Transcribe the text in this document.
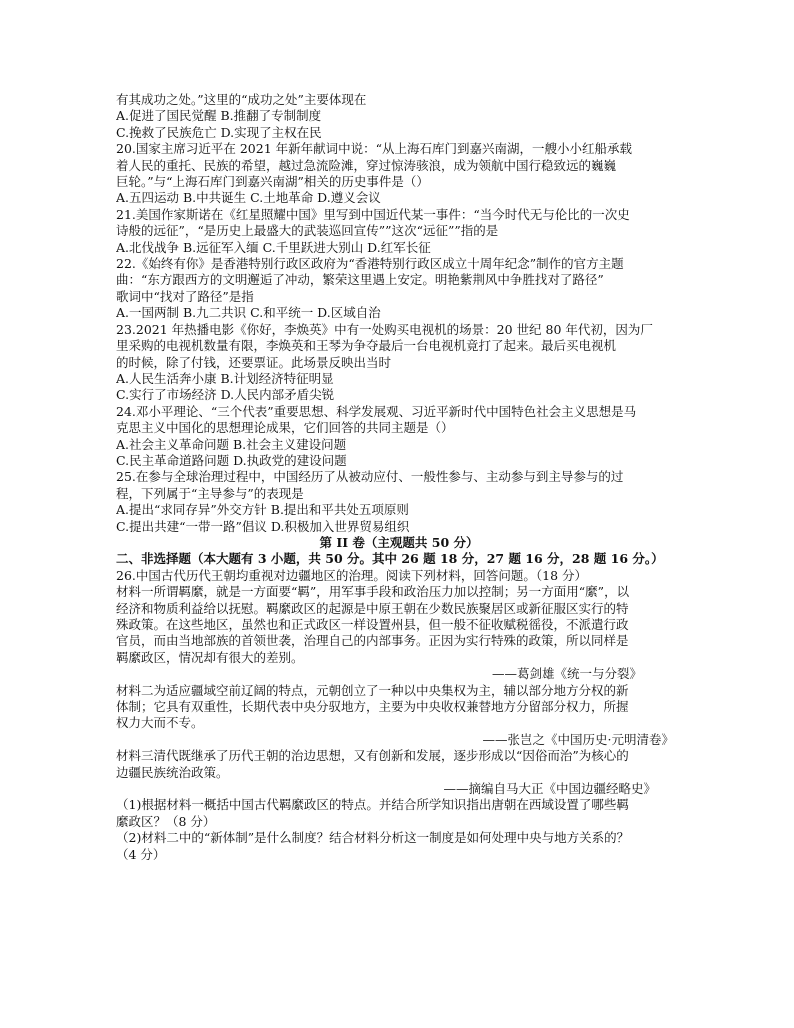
有其成功之处。”这里的“成功之处”主要体现在
A.促进了国民觉醒 B.推翻了专制制度
C.挽救了民族危亡 D.实现了主权在民
20.国家主席习近平在 2021 年新年献词中说：“从上海石库门到嘉兴南湖，一艘小小红船承载
着人民的重托、民族的希望，越过急流险滩，穿过惊涛骇浪，成为领航中国行稳致远的巍巍
巨轮。”与“上海石库门到嘉兴南湖”相关的历史事件是（）
A.五四运动 B.中共诞生 C.土地革命 D.遵义会议
21.美国作家斯诺在《红星照耀中国》里写到中国近代某一事件：“当今时代无与伦比的一次史
诗般的远征”，“是历史上最盛大的武装巡回宣传””这次“远征””指的是
A.北伐战争 B.远征军入缅 C.千里跃进大别山 D.红军长征
22.《始终有你》是香港特别行政区政府为“香港特别行政区成立十周年纪念”制作的官方主题
曲：“东方跟西方的文明邂逅了冲动，繁荣这里遇上安定。明艳紫荆风中争胜找对了路径”
歌词中“找对了路径”是指
A.一国两制 B.九二共识 C.和平统一 D.区域自治
23.2021 年热播电影《你好，李焕英》中有一处购买电视机的场景：20 世纪 80 年代初，因为厂
里采购的电视机数量有限，李焕英和王琴为争夺最后一台电视机竟打了起来。最后买电视机
的时候，除了付钱，还要票证。此场景反映出当时
A.人民生活奔小康 B.计划经济特征明显
C.实行了市场经济 D.人民内部矛盾尖锐
24.邓小平理论、“三个代表”重要思想、科学发展观、习近平新时代中国特色社会主义思想是马
克思主义中国化的思想理论成果，它们回答的共同主题是（）
A.社会主义革命问题 B.社会主义建设问题
C.民主革命道路问题 D.执政党的建设问题
25.在参与全球治理过程中，中国经历了从被动应付、一般性参与、主动参与到主导参与的过
程，下列属于“主导参与”的表现是
A.提出“求同存异”外交方针 B.提出和平共处五项原则
C.提出共建“一带一路”倡议 D.积极加入世界贸易组织
第 II 卷（主观题共 50 分）
二、非选择题（本大题有 3 小题，共 50 分。其中 26 题 18 分，27 题 16 分，28 题 16 分。）
26.中国古代历代王朝均重视对边疆地区的治理。阅读下列材料，回答问题。（18 分）
材料一所谓羁縻，就是一方面要“羁”，用军事手段和政治压力加以控制；另一方面用“縻”，以
经济和物质利益给以抚慰。羁縻政区的起源是中原王朝在少数民族聚居区或新征服区实行的特
殊政策。在这些地区，虽然也和正式政区一样设置州县，但一般不征收赋税徭役，不派遣行政
官员，而由当地部族的首领世袭，治理自己的内部事务。正因为实行特殊的政策，所以同样是
羁縻政区，情况却有很大的差别。
——葛剑雄《统一与分裂》
材料二为适应疆域空前辽阔的特点，元朝创立了一种以中央集权为主，辅以部分地方分权的新
体制；它具有双重性，长期代表中央分驭地方，主要为中央收权兼替地方分留部分权力，所握
权力大而不专。
——张岂之《中国历史·元明清卷》
材料三清代既继承了历代王朝的治边思想，又有创新和发展，逐步形成以“因俗而治”为核心的
边疆民族统治政策。
——摘编自马大正《中国边疆经略史》
（1)根据材料一概括中国古代羁縻政区的特点。并结合所学知识指出唐朝在西域设置了哪些羁
縻政区？（8 分）
（2)材料二中的“新体制”是什么制度？结合材料分析这一制度是如何处理中央与地方关系的？
（4 分）
